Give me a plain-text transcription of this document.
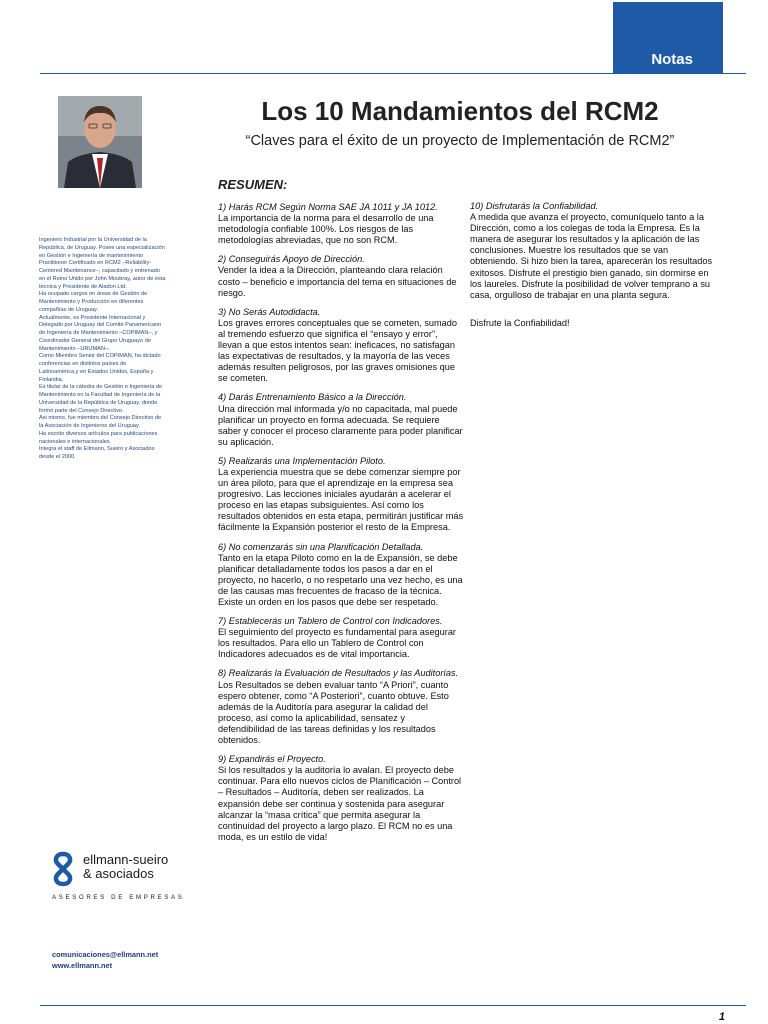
Notas
Los 10 Mandamientos del RCM2
“Claves para el éxito de un proyecto de Implementación de RCM2”
RESUMEN:

Ingeniero Industrial por la Universidad de la República, de Uruguay. Posee una especialización en Gestión e Ingeniería de mantenimiento Practitioner Certificado en RCM2 –Reliability-Centered Maintenance–, capacitado y entrenado en el Reino Unido por John Moubray, autor de ésta técnica y Presidente de Aladon Ltd.

Ha ocupado cargos en áreas de Gestión de Mantenimiento y Producción en diferentes compañías de Uruguay.

Actualmente, es Presidente Internacional y Delegado por Uruguay del Comité Panamericano de Ingeniería de Mantenimiento –COPIMAN–, y Coordinador General del Grupo Uruguayo de Mantenimiento –URUMAN–.

Como Miembro Senior del COPIMAN, ha dictado conferencias en distintos países de Latinoamérica,y en Estados Unidos, España y Finlandia.

Es titular de la cátedra de Gestión e Ingeniería de Mantenimiento en la Facultad de Ingeniería de la Universidad de la República de Uruguay, donde formó parte del Consejo Directivo.

Asi mismo, fue miembro del Consejo Directivo de la Asociación de Ingenieros del Uruguay.

Ha escrito diversos artículos para publicaciones nacionales e internacionales.

Integra el staff de Ellmann, Sueiro y Asociados desde el 2000.

1) Harás RCM Según Norma SAE JA 1011 y JA 1012.

La importancia de la norma para el desarrollo de una metodología confiable 100%. Los riesgos de las metodologías abreviadas, que no son RCM.

2) Conseguirás Apoyo de Dirección.

Vender la idea a la Dirección, planteando clara relación costo – beneficio e importancia del tema en situaciones de riesgo.

3) No Serás Autodidacta.

Los graves errores conceptuales que se cometen, sumado al tremendo esfuerzo que significa el “ensayo y error”, llevan a que estos intentos sean: ineficaces, no satisfagan las expectativas de resultados, y la mayoría de las veces además resulten peligrosos, por las graves omisiones que se cometen.

4) Darás Entrenamiento Básico a la Dirección.

Una dirección mal informada y/o no capacitada, mal puede planificar un proyecto en forma adecuada. Se requiere saber y conocer el proceso claramente para poder planificar su aplicación.

5) Realizarás una Implementación Piloto.

La experiencia muestra que se debe comenzar siempre por un área piloto, para que el aprendizaje en la empresa sea progresivo. Las lecciones iniciales ayudarán a acelerar el proceso en las etapas subsiguientes. Así como los resultados obtenidos en esta etapa, permitirán justificar más fácilmente la Expansión posterior el resto de la Empresa.

6) No comenzarás sin una Planificación Detallada.

Tanto en la etapa Piloto como en la de Expansión, se debe planificar detalladamente todos los pasos a dar en el proyecto, no hacerlo, o no respetarlo una vez hecho, es una de las causas mas frecuentes de fracaso de la técnica. Existe un orden en los pasos que debe ser respetado.

7) Establecerás un Tablero de Control con Indicadores.

El seguimiento del proyecto es fundamental para asegurar los resultados. Para ello un Tablero de Control con Indicadores adecuados es de vital importancia.

8) Realizarás la Evaluación de Resultados y las Auditorías.

Los Resultados se deben evaluar tanto “A Priori”, cuanto espero obtener, como “A Posteriori”, cuanto obtuve. Esto además de la Auditoría para asegurar la calidad del proceso, así como la aplicabilidad, sensatez y defendibilidad de las tareas definidas y los resultados obtenidos.

9) Expandirás el Proyecto.

Si los resultados y la auditoría lo avalan. El proyecto debe continuar. Para ello nuevos ciclos de Planificación – Control – Resultados – Auditoría, deben ser realizados. La expansión debe ser continua y sostenida para asegurar alcanzar la “masa crítica” que permita asegurar la continuidad del proyecto a largo plazo. El RCM no es una moda, es un estilo de vida!

10) Disfrutarás la Confiabilidad.

A medida que avanza el proyecto, comuníquelo tanto a la Dirección, como a los colegas de toda la Empresa. Es la manera de asegurar los resultados y la aplicación de las conclusiones. Muestre los resultados que se van obteniendo. Si hizo bien la tarea, aparecerán los resultados exitosos. Disfrute el prestigio bien ganado, sin dormirse en los laureles. Disfrute la posibilidad de volver temprano a su casa, orgulloso de trabajar en una planta segura.

Disfrute la Confiabilidad!

ellmann-sueiro
& asociados
ASESORES DE EMPRESAS
comunicaciones@ellmann.net
www.ellmann.net
1
